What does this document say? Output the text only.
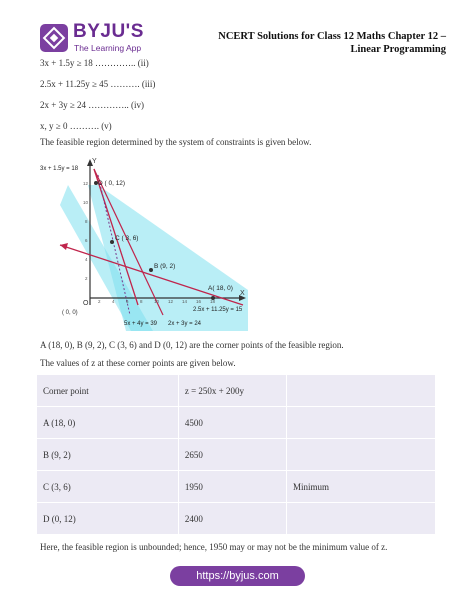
BYJU'S
The Learning App
NCERT Solutions for Class 12 Maths Chapter 12 – Linear Programming
3x + 1.5y ≥ 18 ………….. (ii)
2.5x + 11.25y ≥ 45 ………. (iii)
2x + 3y ≥ 24 ………….. (iv)
x, y ≥ 0 ………. (v)
The feasible region determined by the system of constraints is given below.
Y
X
O
( 0, 0)
3x + 1.5y = 18
D ( 0, 12)
C ( 3, 6)
B (9, 2)
A( 18, 0)
2.5x + 11.25y = 15
5x + 4y = 39 2x + 3y = 24
2	4	6	8	10 12 14 16 18
12
10
8
6
4
2
A (18, 0), B (9, 2), C (3, 6) and D (0, 12) are the corner points of the feasible region.
The values of z at these corner points are given below.
Corner point	z = 250x + 200y	
A (18, 0)	4500	
B (9, 2)	2650	
C (3, 6)	1950	Minimum
D (0, 12)	2400	
Here, the feasible region is unbounded; hence, 1950 may or may not be the minimum value of z.
https://byjus.com
